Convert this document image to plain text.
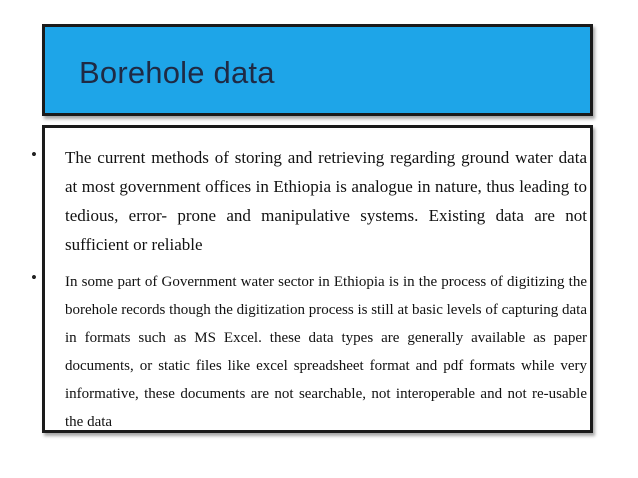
Borehole data
• The current methods of storing and retrieving regarding ground water data at most government offices in Ethiopia is analogue in nature, thus leading to tedious, error- prone and manipulative systems. Existing data are not sufficient or reliable
• In some part of Government water sector in Ethiopia is in the process of digitizing the borehole records though the digitization process is still at basic levels of capturing data in formats such as MS Excel. these data types are generally available as paper documents, or static files like excel spreadsheet format and pdf formats while very informative, these documents are not searchable, not interoperable and not re-usable the data
